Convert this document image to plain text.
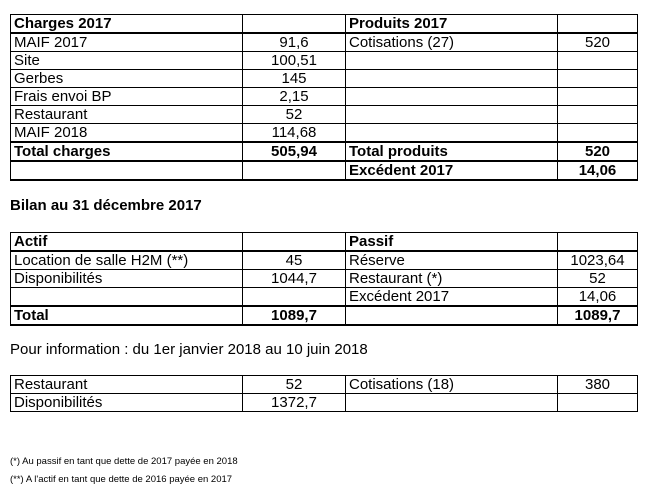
Charges 2017		Produits 2017	
MAIF 2017	91,6	Cotisations (27)	520
Site	100,51		
Gerbes	145		
Frais envoi BP	2,15		
Restaurant	52		
MAIF 2018	114,68		
Total charges	505,94	Total produits	520
		Excédent 2017	14,06
Bilan au 31 décembre 2017
Actif		Passif	
Location de salle H2M (**)	45	Réserve	1023,64
Disponibilités	1044,7	Restaurant (*)	52
		Excédent 2017	14,06
Total	1089,7		1089,7
Pour information : du 1er janvier 2018 au 10 juin 2018
Restaurant	52	Cotisations (18)	380
Disponibilités	1372,7		
(*) Au passif en tant que dette de 2017 payée en 2018
(**) A l'actif en tant que dette de 2016 payée en 2017
